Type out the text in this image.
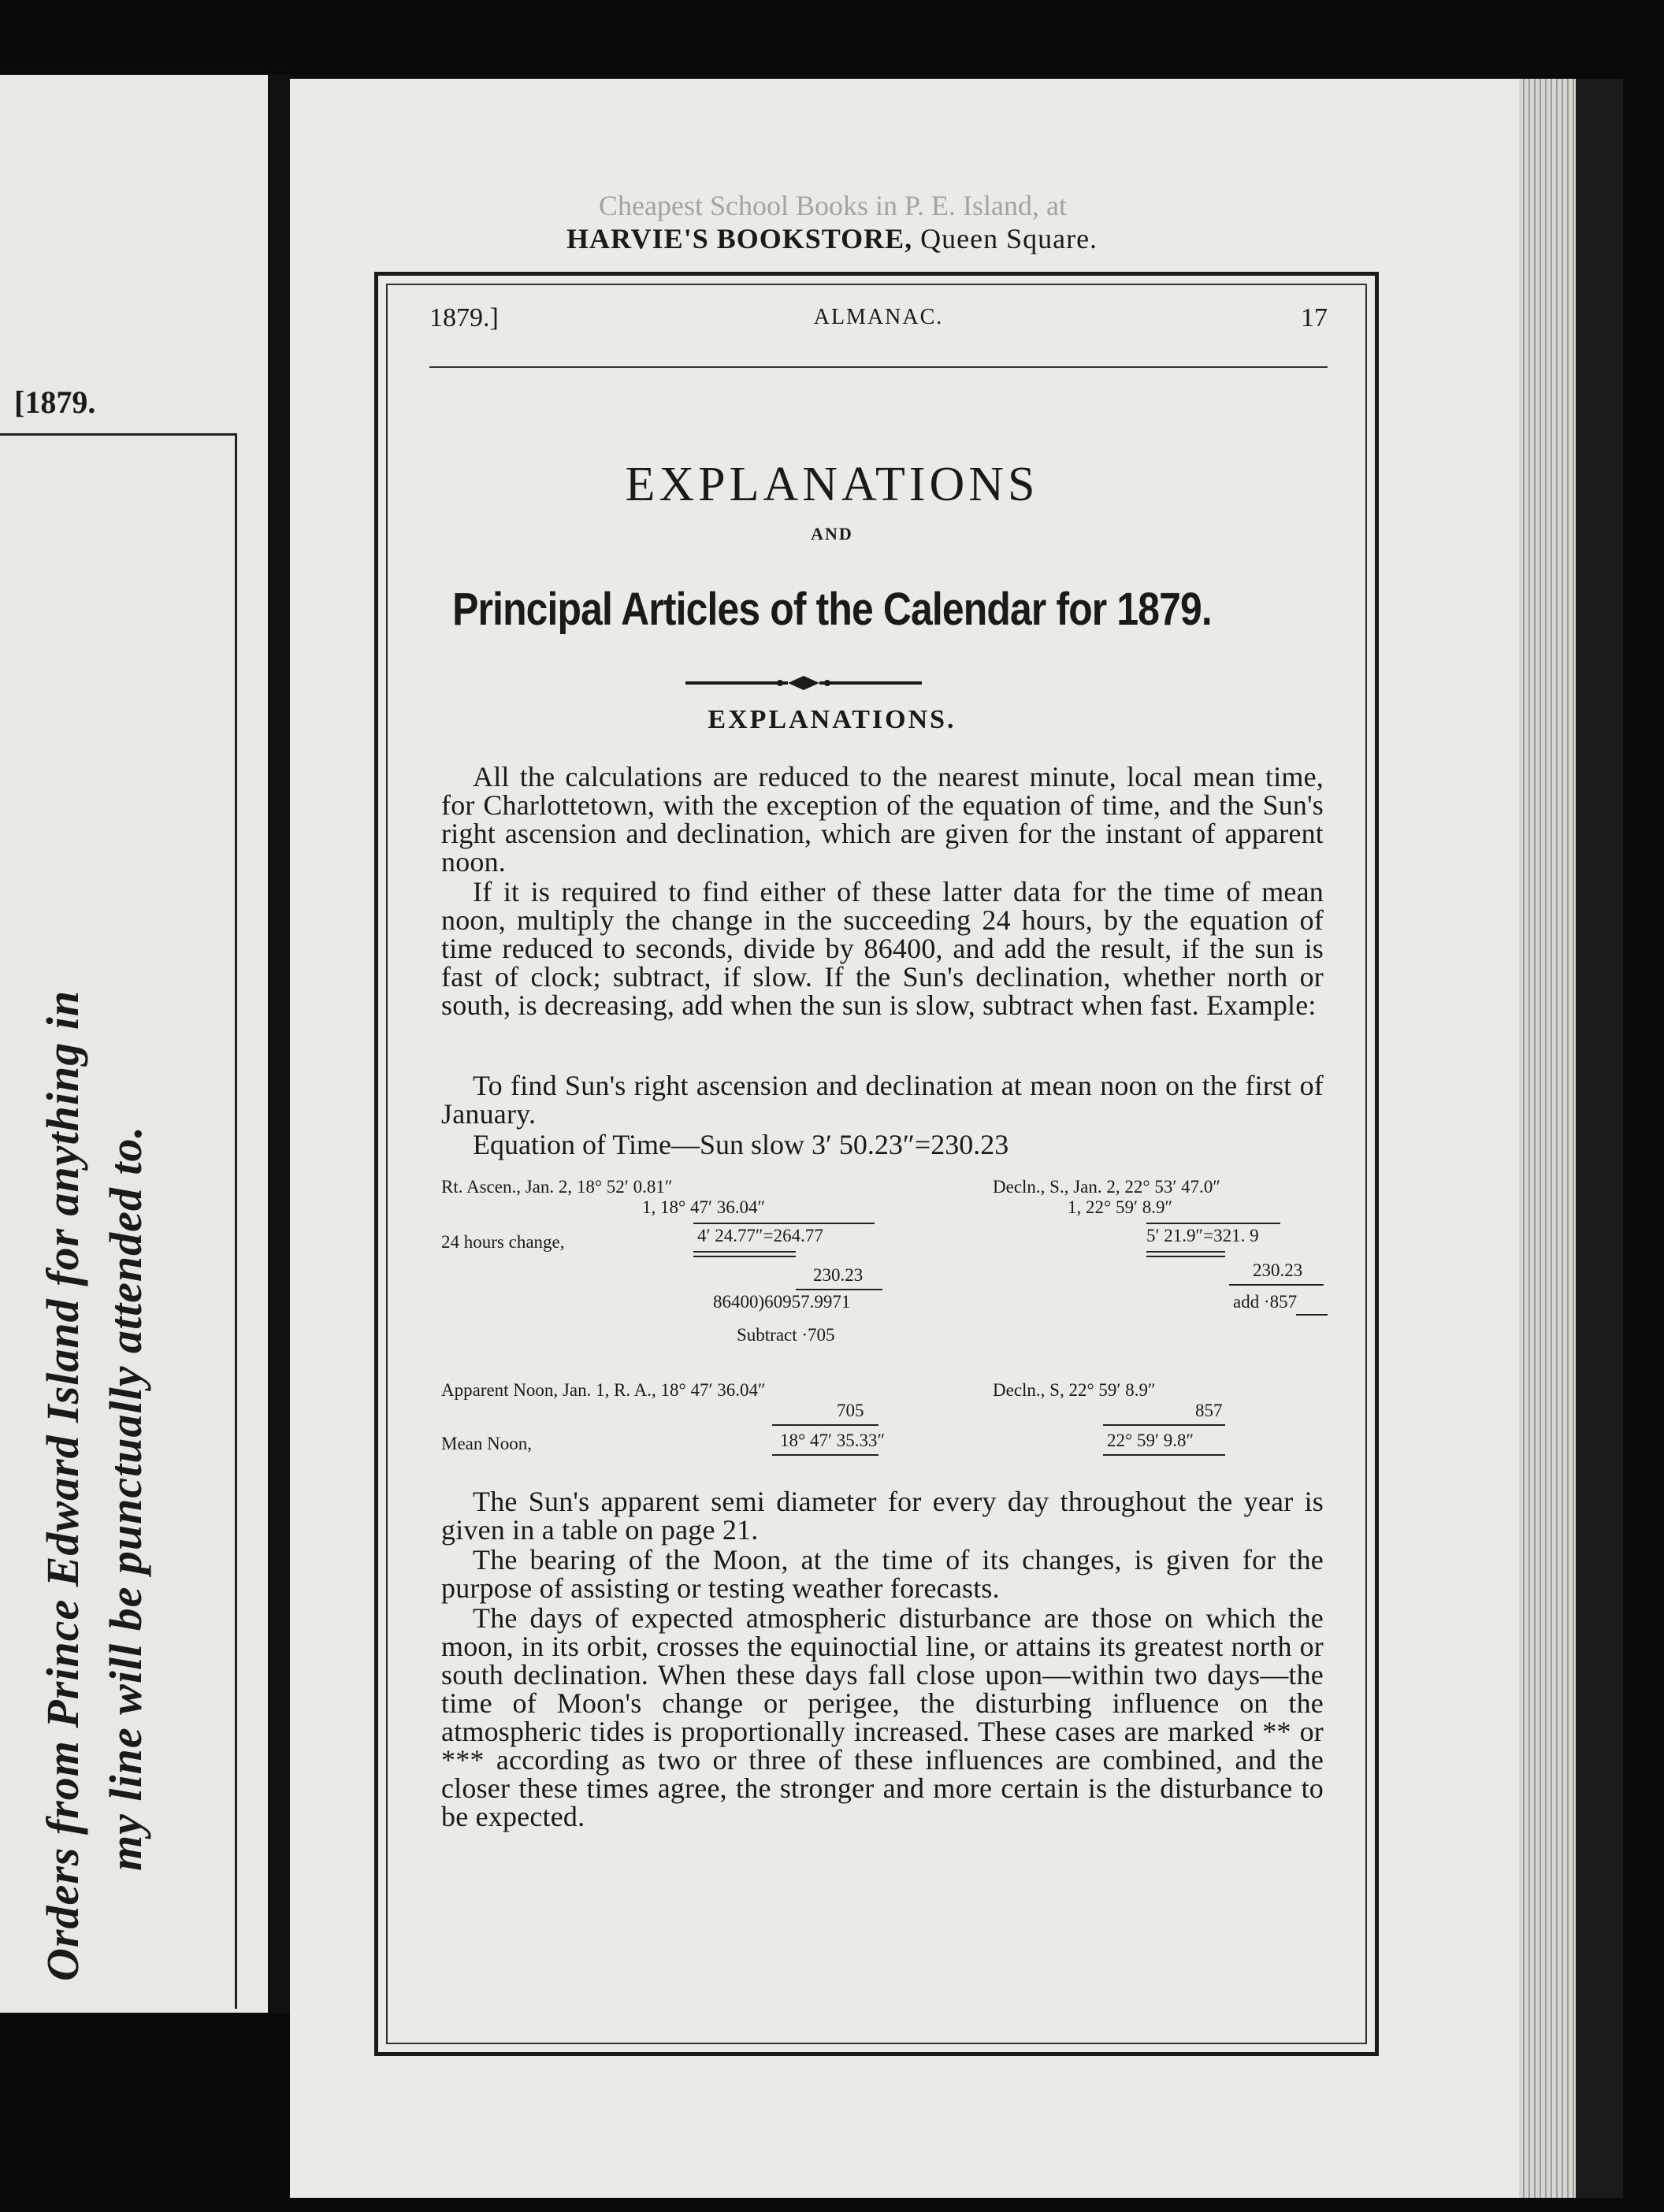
[1879.
Orders from Prince Edward Island for anything in my line will be punctually attended to.
Cheapest School Books in P. E. Island, at
HARVIE'S BOOKSTORE, Queen Square.
1879.]	ALMANAC.	17
EXPLANATIONS
AND
Principal Articles of the Calendar for 1879.
EXPLANATIONS.
All the calculations are reduced to the nearest minute, local mean time, for Charlottetown, with the exception of the equation of time, and the Sun's right ascension and declination, which are given for the instant of apparent noon.
If it is required to find either of these latter data for the time of mean noon, multiply the change in the succeeding 24 hours, by the equation of time reduced to seconds, divide by 86400, and add the result, if the sun is fast of clock; subtract, if slow. If the Sun's declination, whether north or south, is decreasing, add when the sun is slow, subtract when fast. Example:
To find Sun's right ascension and declination at mean noon on the first of January.
Equation of Time—Sun slow 3′ 50.23″=230.23
Rt. Ascen., Jan. 2, 18° 52′ 0.81″
1, 18° 47′ 36.04″
Decln., S., Jan. 2, 22° 53′ 47.0″
1, 22° 59′ 8.9″
24 hours change,	4′ 24.77″=264.77	5′ 21.9″=321. 9
230.23	230.23
86400)60957.9971	add ·857
Subtract ·705
Apparent Noon, Jan. 1, R. A., 18° 47′ 36.04″	Decln., S, 22° 59′ 8.9″
705	857
Mean Noon,	18° 47′ 35.33″	22° 59′ 9.8″
The Sun's apparent semi diameter for every day throughout the year is given in a table on page 21.
The bearing of the Moon, at the time of its changes, is given for the purpose of assisting or testing weather forecasts.
The days of expected atmospheric disturbance are those on which the moon, in its orbit, crosses the equinoctial line, or attains its greatest north or south declination. When these days fall close upon—within two days—the time of Moon's change or perigee, the disturbing influence on the atmospheric tides is proportionally increased. These cases are marked ** or *** according as two or three of these influences are combined, and the closer these times agree, the stronger and more certain is the disturbance to be expected.
